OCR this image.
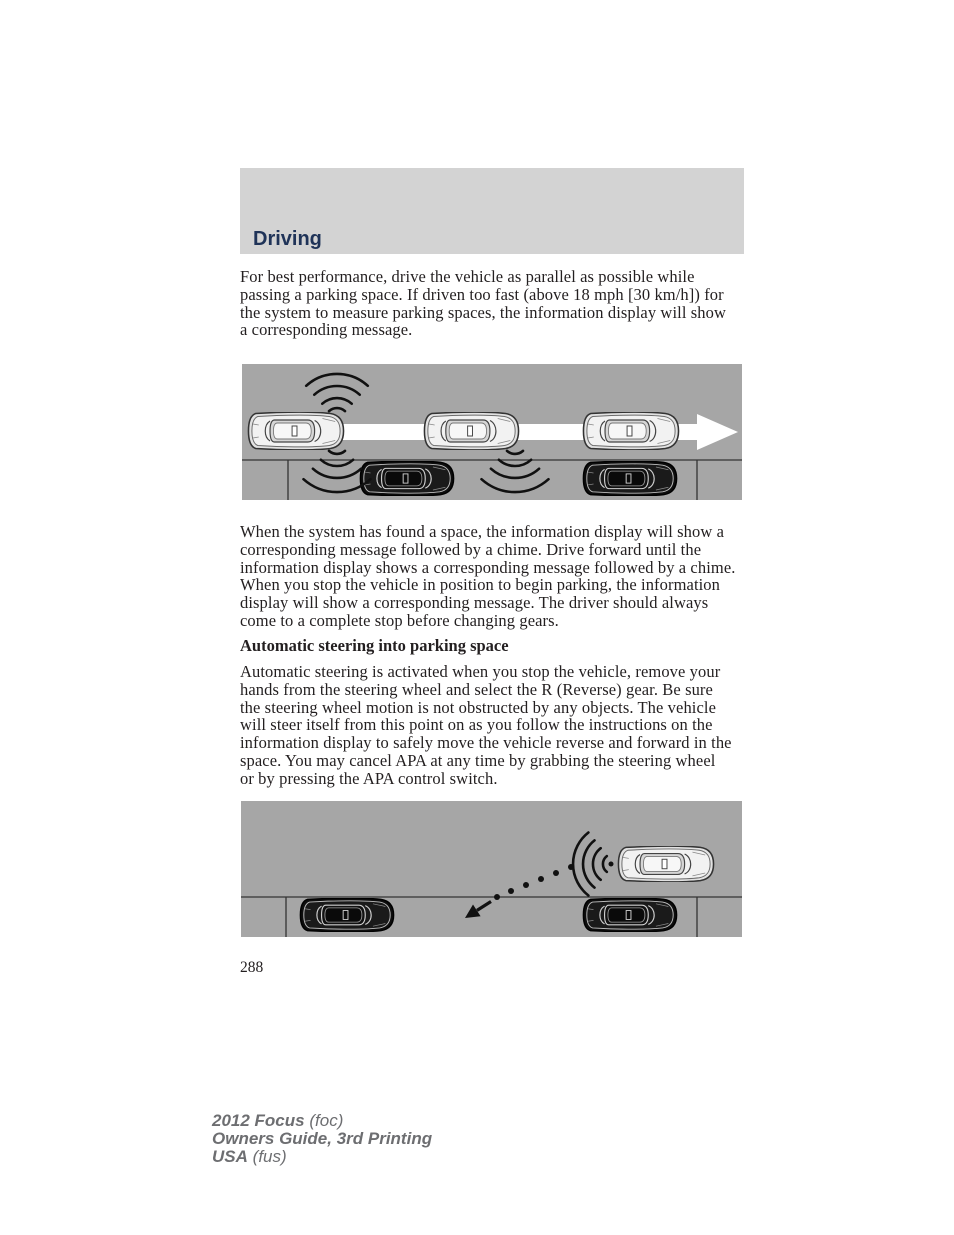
Driving
For best performance, drive the vehicle as parallel as possible while
passing a parking space. If driven too fast (above 18 mph [30 km/h]) for
the system to measure parking spaces, the information display will show
a corresponding message.
When the system has found a space, the information display will show a
corresponding message followed by a chime. Drive forward until the
information display shows a corresponding message followed by a chime.
When you stop the vehicle in position to begin parking, the information
display will show a corresponding message. The driver should always
come to a complete stop before changing gears.
Automatic steering into parking space
Automatic steering is activated when you stop the vehicle, remove your
hands from the steering wheel and select the R (Reverse) gear. Be sure
the steering wheel motion is not obstructed by any objects. The vehicle
will steer itself from this point on as you follow the instructions on the
information display to safely move the vehicle reverse and forward in the
space. You may cancel APA at any time by grabbing the steering wheel
or by pressing the APA control switch.
288
2012 Focus (foc)
Owners Guide, 3rd Printing
USA (fus)
